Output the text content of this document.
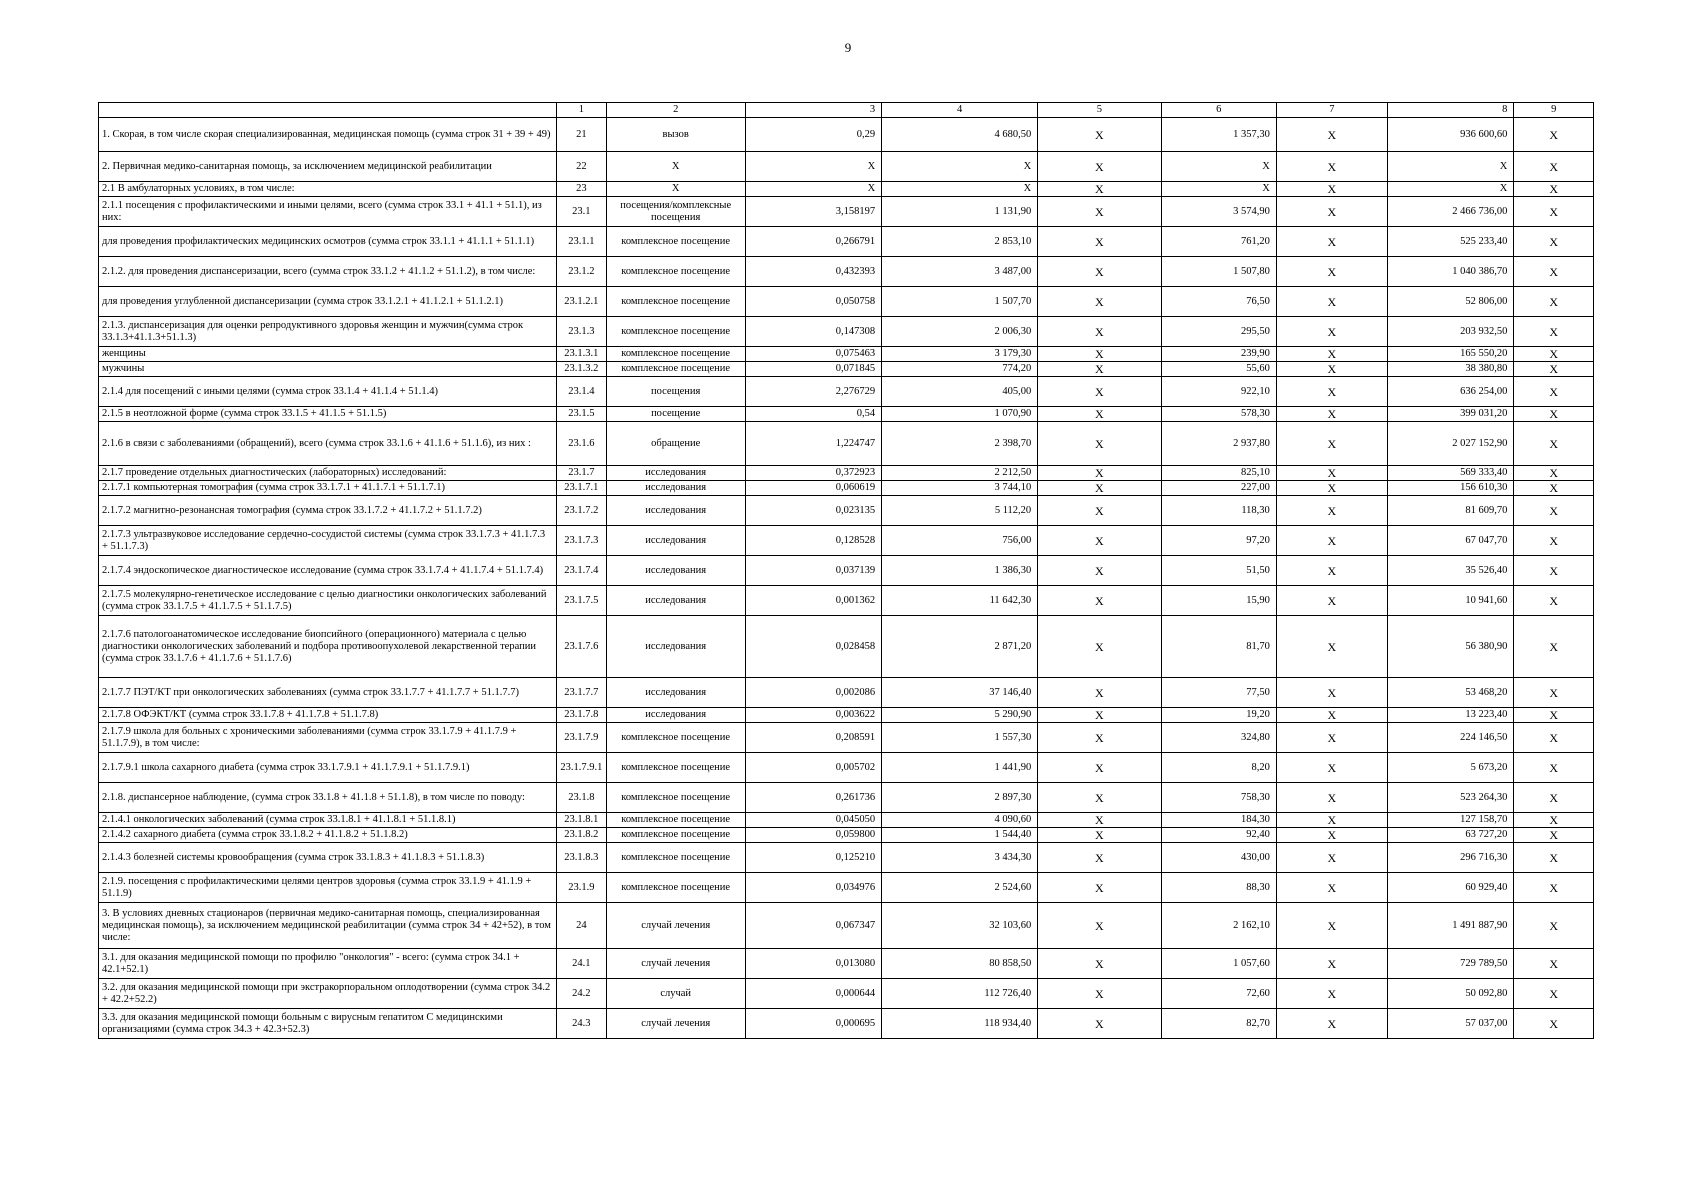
9
	1	2	3	4	5	6	7	8	9
1. Скорая, в том числе скорая специализированная, медицинская помощь (сумма строк 31 + 39 + 49)	21	вызов	0,29	4 680,50	Х	1 357,30	Х	936 600,60	Х
2. Первичная медико-санитарная помощь, за исключением медицинской реабилитации	22	Х	Х	Х	Х	Х	Х	Х	Х
2.1 В амбулаторных условиях, в том числе:	23	Х	Х	Х	Х	Х	Х	Х	Х
2.1.1 посещения с профилактическими и иными целями, всего (сумма строк 33.1 + 41.1 + 51.1), из них:	23.1	посещения/комплексные посещения	3,158197	1 131,90	Х	3 574,90	Х	2 466 736,00	Х
для проведения профилактических медицинских осмотров (сумма строк 33.1.1 + 41.1.1 + 51.1.1)	23.1.1	комплексное посещение	0,266791	2 853,10	Х	761,20	Х	525 233,40	Х
2.1.2. для проведения диспансеризации, всего (сумма строк 33.1.2 + 41.1.2 + 51.1.2), в том числе:	23.1.2	комплексное посещение	0,432393	3 487,00	Х	1 507,80	Х	1 040 386,70	Х
для проведения углубленной диспансеризации (сумма строк 33.1.2.1 + 41.1.2.1 + 51.1.2.1)	23.1.2.1	комплексное посещение	0,050758	1 507,70	Х	76,50	Х	52 806,00	Х
2.1.3. диспансеризация для оценки репродуктивного здоровья женщин и мужчин(сумма строк 33.1.3+41.1.3+51.1.3)	23.1.3	комплексное посещение	0,147308	2 006,30	Х	295,50	Х	203 932,50	Х
женщины	23.1.3.1	комплексное посещение	0,075463	3 179,30	Х	239,90	Х	165 550,20	Х
мужчины	23.1.3.2	комплексное посещение	0,071845	774,20	Х	55,60	Х	38 380,80	Х
2.1.4 для посещений с иными целями (сумма строк 33.1.4 + 41.1.4 + 51.1.4)	23.1.4	посещения	2,276729	405,00	Х	922,10	Х	636 254,00	Х
2.1.5 в неотложной форме (сумма строк 33.1.5 + 41.1.5 + 51.1.5)	23.1.5	посещение	0,54	1 070,90	Х	578,30	Х	399 031,20	Х
2.1.6 в связи с заболеваниями (обращений), всего (сумма строк 33.1.6 + 41.1.6 + 51.1.6), из них :	23.1.6	обращение	1,224747	2 398,70	Х	2 937,80	Х	2 027 152,90	Х
2.1.7 проведение отдельных диагностических (лабораторных) исследований:	23.1.7	исследования	0,372923	2 212,50	Х	825,10	Х	569 333,40	Х
2.1.7.1 компьютерная томография (сумма строк 33.1.7.1 + 41.1.7.1 + 51.1.7.1)	23.1.7.1	исследования	0,060619	3 744,10	Х	227,00	Х	156 610,30	Х
2.1.7.2 магнитно-резонансная томография (сумма строк 33.1.7.2 + 41.1.7.2 + 51.1.7.2)	23.1.7.2	исследования	0,023135	5 112,20	Х	118,30	Х	81 609,70	Х
2.1.7.3 ультразвуковое исследование сердечно-сосудистой системы (сумма строк 33.1.7.3 + 41.1.7.3 + 51.1.7.3)	23.1.7.3	исследования	0,128528	756,00	Х	97,20	Х	67 047,70	Х
2.1.7.4 эндоскопическое диагностическое исследование (сумма строк 33.1.7.4 + 41.1.7.4 + 51.1.7.4)	23.1.7.4	исследования	0,037139	1 386,30	Х	51,50	Х	35 526,40	Х
2.1.7.5 молекулярно-генетическое исследование с целью диагностики онкологических заболеваний (сумма строк 33.1.7.5 + 41.1.7.5 + 51.1.7.5)	23.1.7.5	исследования	0,001362	11 642,30	Х	15,90	Х	10 941,60	Х
2.1.7.6 патологоанатомическое исследование биопсийного (операционного) материала с целью диагностики онкологических заболеваний и подбора противоопухолевой лекарственной терапии (сумма строк 33.1.7.6 + 41.1.7.6 + 51.1.7.6)	23.1.7.6	исследования	0,028458	2 871,20	Х	81,70	Х	56 380,90	Х
2.1.7.7 ПЭТ/КТ при онкологических заболеваниях (сумма строк 33.1.7.7 + 41.1.7.7 + 51.1.7.7)	23.1.7.7	исследования	0,002086	37 146,40	Х	77,50	Х	53 468,20	Х
2.1.7.8 ОФЭКТ/КТ (сумма строк 33.1.7.8 + 41.1.7.8 + 51.1.7.8)	23.1.7.8	исследования	0,003622	5 290,90	Х	19,20	Х	13 223,40	Х
2.1.7.9 школа для больных с хроническими заболеваниями (сумма строк 33.1.7.9 + 41.1.7.9 + 51.1.7.9), в том числе:	23.1.7.9	комплексное посещение	0,208591	1 557,30	Х	324,80	Х	224 146,50	Х
2.1.7.9.1 школа сахарного диабета (сумма строк 33.1.7.9.1 + 41.1.7.9.1 + 51.1.7.9.1)	23.1.7.9.1	комплексное посещение	0,005702	1 441,90	Х	8,20	Х	5 673,20	Х
2.1.8. диспансерное наблюдение, (сумма строк 33.1.8 + 41.1.8 + 51.1.8), в том числе по поводу:	23.1.8	комплексное посещение	0,261736	2 897,30	Х	758,30	Х	523 264,30	Х
2.1.4.1 онкологических заболеваний (сумма строк 33.1.8.1 + 41.1.8.1 + 51.1.8.1)	23.1.8.1	комплексное посещение	0,045050	4 090,60	Х	184,30	Х	127 158,70	Х
2.1.4.2 сахарного диабета (сумма строк 33.1.8.2 + 41.1.8.2 + 51.1.8.2)	23.1.8.2	комплексное посещение	0,059800	1 544,40	Х	92,40	Х	63 727,20	Х
2.1.4.3 болезней системы кровообращения (сумма строк 33.1.8.3 + 41.1.8.3 + 51.1.8.3)	23.1.8.3	комплексное посещение	0,125210	3 434,30	Х	430,00	Х	296 716,30	Х
2.1.9. посещения с профилактическими целями центров здоровья (сумма строк 33.1.9 + 41.1.9 + 51.1.9)	23.1.9	комплексное посещение	0,034976	2 524,60	Х	88,30	Х	60 929,40	Х
3. В условиях дневных стационаров (первичная медико-санитарная помощь, специализированная медицинская помощь), за исключением медицинской реабилитации (сумма строк 34 + 42+52), в том числе:	24	случай лечения	0,067347	32 103,60	Х	2 162,10	Х	1 491 887,90	Х
3.1. для оказания медицинской помощи по профилю "онкология" - всего: (сумма строк 34.1 + 42.1+52.1)	24.1	случай лечения	0,013080	80 858,50	Х	1 057,60	Х	729 789,50	Х
3.2. для оказания медицинской помощи при экстракорпоральном оплодотворении (сумма строк 34.2 + 42.2+52.2)	24.2	случай	0,000644	112 726,40	Х	72,60	Х	50 092,80	Х
3.3. для оказания медицинской помощи больным с вирусным гепатитом С медицинскими организациями (сумма строк 34.3 + 42.3+52.3)	24.3	случай лечения	0,000695	118 934,40	Х	82,70	Х	57 037,00	Х
